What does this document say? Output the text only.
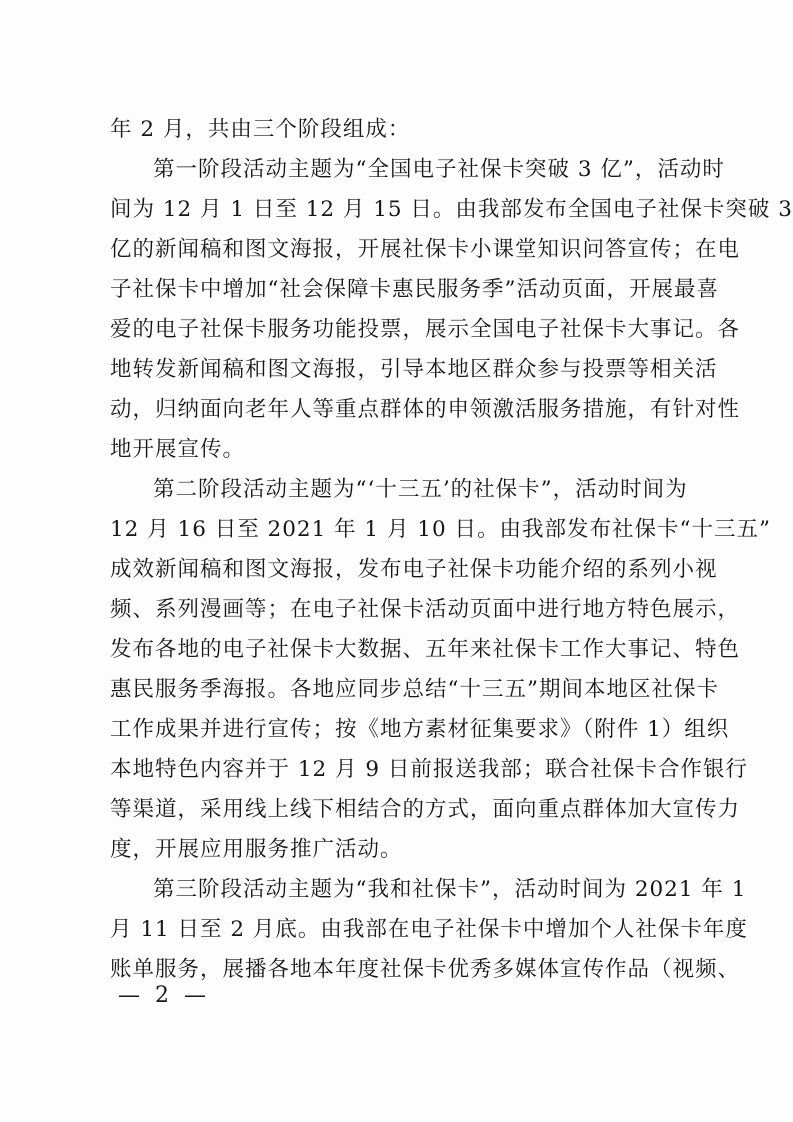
年 2 月，共由三个阶段组成：
第一阶段活动主题为“全国电子社保卡突破 3 亿”，活动时
间为 12 月 1 日至 12 月 15 日。由我部发布全国电子社保卡突破 3
亿的新闻稿和图文海报，开展社保卡小课堂知识问答宣传；在电
子社保卡中增加“社会保障卡惠民服务季”活动页面，开展最喜
爱的电子社保卡服务功能投票，展示全国电子社保卡大事记。各
地转发新闻稿和图文海报，引导本地区群众参与投票等相关活
动，归纳面向老年人等重点群体的申领激活服务措施，有针对性
地开展宣传。
第二阶段活动主题为“‘十三五’的社保卡”，活动时间为
12 月 16 日至 2021 年 1 月 10 日。由我部发布社保卡“十三五”
成效新闻稿和图文海报，发布电子社保卡功能介绍的系列小视
频、系列漫画等；在电子社保卡活动页面中进行地方特色展示，
发布各地的电子社保卡大数据、五年来社保卡工作大事记、特色
惠民服务季海报。各地应同步总结“十三五”期间本地区社保卡
工作成果并进行宣传；按《地方素材征集要求》（附件 1）组织
本地特色内容并于 12 月 9 日前报送我部；联合社保卡合作银行
等渠道，采用线上线下相结合的方式，面向重点群体加大宣传力
度，开展应用服务推广活动。
第三阶段活动主题为“我和社保卡”，活动时间为 2021 年 1
月 11 日至 2 月底。由我部在电子社保卡中增加个人社保卡年度
账单服务，展播各地本年度社保卡优秀多媒体宣传作品（视频、
— 2 —
